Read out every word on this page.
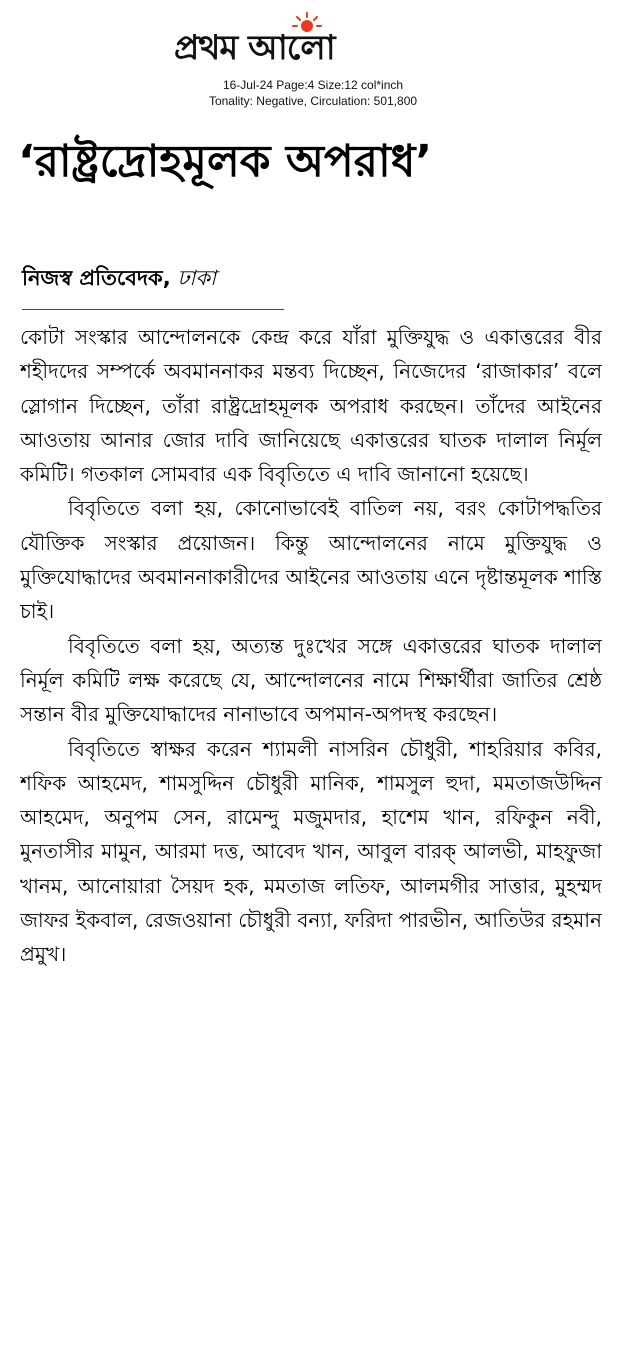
প্রথম আলো
16-Jul-24 Page:4 Size:12 col*inch
Tonality: Negative, Circulation: 501,800
‘রাষ্ট্রদ্রোহমূলক অপরাধ’
নিজস্ব প্রতিবেদক, ঢাকা

কোটা সংস্কার আন্দোলনকে কেন্দ্র করে যাঁরা মুক্তিযুদ্ধ ও একাত্তরের বীর শহীদদের সম্পর্কে অবমাননাকর মন্তব্য দিচ্ছেন, নিজেদের ‘রাজাকার’ বলে স্লোগান দিচ্ছেন, তাঁরা রাষ্ট্রদ্রোহমূলক অপরাধ করছেন। তাঁদের আইনের আওতায় আনার জোর দাবি জানিয়েছে একাত্তরের ঘাতক দালাল নির্মূল কমিটি। গতকাল সোমবার এক বিবৃতিতে এ দাবি জানানো হয়েছে।

বিবৃতিতে বলা হয়, কোনোভাবেই বাতিল নয়, বরং কোটাপদ্ধতির যৌক্তিক সংস্কার প্রয়োজন। কিন্তু আন্দোলনের নামে মুক্তিযুদ্ধ ও মুক্তিযোদ্ধাদের অবমাননাকারীদের আইনের আওতায় এনে দৃষ্টান্তমূলক শাস্তি চাই।

বিবৃতিতে বলা হয়, অত্যন্ত দুঃখের সঙ্গে একাত্তরের ঘাতক দালাল নির্মূল কমিটি লক্ষ করেছে যে, আন্দোলনের নামে শিক্ষার্থীরা জাতির শ্রেষ্ঠ সন্তান বীর মুক্তিযোদ্ধাদের নানাভাবে অপমান-অপদস্থ করছেন।

বিবৃতিতে স্বাক্ষর করেন শ্যামলী নাসরিন চৌধুরী, শাহরিয়ার কবির, শফিক আহমেদ, শামসুদ্দিন চৌধুরী মানিক, শামসুল হুদা, মমতাজউদ্দিন আহমেদ, অনুপম সেন, রামেন্দু মজুমদার, হাশেম খান, রফিকুন নবী, মুনতাসীর মামুন, আরমা দত্ত, আবেদ খান, আবুল বারক্ আলভী, মাহফুজা খানম, আনোয়ারা সৈয়দ হক, মমতাজ লতিফ, আলমগীর সাত্তার, মুহম্মদ জাফর ইকবাল, রেজওয়ানা চৌধুরী বন্যা, ফরিদা পারভীন, আতিউর রহমান প্রমুখ।
